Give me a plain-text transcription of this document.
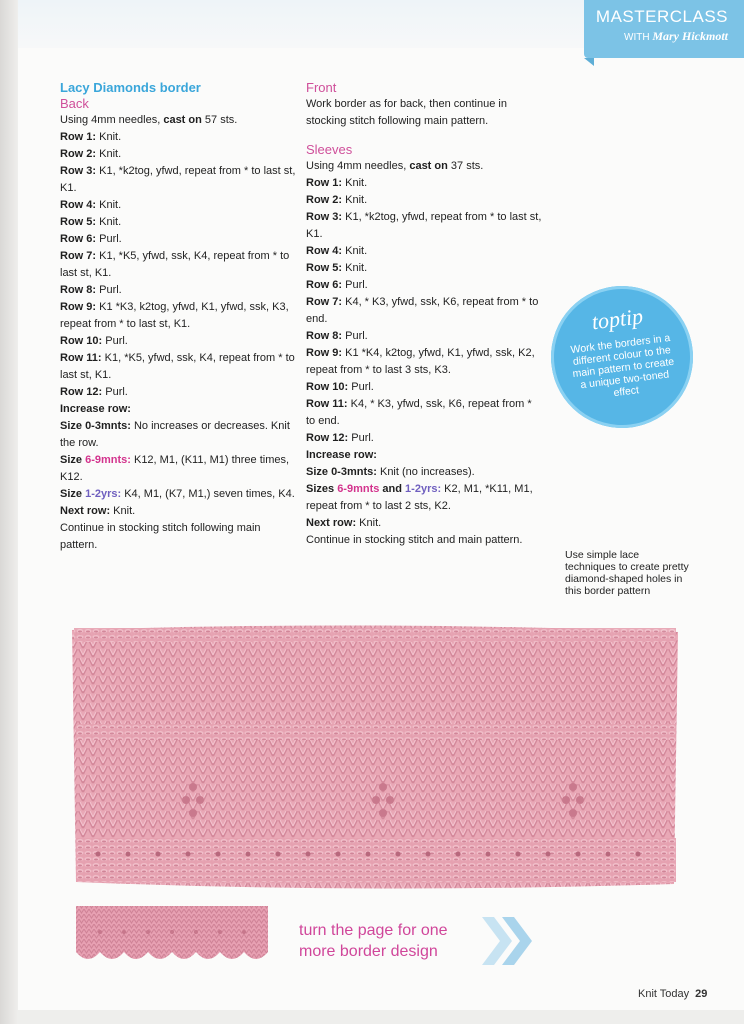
MASTERCLASS
WITH Mary Hickmott

Lacy Diamonds border

Back

Using 4mm needles, cast on 57 sts.

Row 1: Knit.

Row 2: Knit.

Row 3: K1, *k2tog, yfwd, repeat from * to last st, K1.

Row 4: Knit.

Row 5: Knit.

Row 6: Purl.

Row 7: K1, *K5, yfwd, ssk, K4, repeat from * to last st, K1.

Row 8: Purl.

Row 9: K1 *K3, k2tog, yfwd, K1, yfwd, ssk, K3, repeat from * to last st, K1.

Row 10: Purl.

Row 11: K1, *K5, yfwd, ssk, K4, repeat from * to last st, K1.

Row 12: Purl.

Increase row:

Size 0-3mnts: No increases or decreases. Knit the row.

Size 6-9mnts: K12, M1, (K11, M1) three times, K12.

Size 1-2yrs: K4, M1, (K7, M1,) seven times, K4.

Next row: Knit.

Continue in stocking stitch following main pattern.

Front

Work border as for back, then continue in stocking stitch following main pattern.

Sleeves

Using 4mm needles, cast on 37 sts.

Row 1: Knit.

Row 2: Knit.

Row 3: K1, *k2tog, yfwd, repeat from * to last st, K1.

Row 4: Knit.

Row 5: Knit.

Row 6: Purl.

Row 7: K4, * K3, yfwd, ssk, K6, repeat from * to end.

Row 8: Purl.

Row 9: K1 *K4, k2tog, yfwd, K1, yfwd, ssk, K2, repeat from * to last 3 sts, K3.

Row 10: Purl.

Row 11: K4, * K3, yfwd, ssk, K6, repeat from * to end.

Row 12: Purl.

Increase row:

Size 0-3mnts: Knit (no increases).

Sizes 6-9mnts and 1-2yrs: K2, M1, *K11, M1, repeat from * to last 2 sts, K2.

Next row: Knit.

Continue in stocking stitch and main pattern.

toptip
Work the borders in a different colour to the main pattern to create a unique two-toned effect
Use simple lace techniques to create pretty diamond-shaped holes in this border pattern
turn the page for one
more border design
Knit Today 29
